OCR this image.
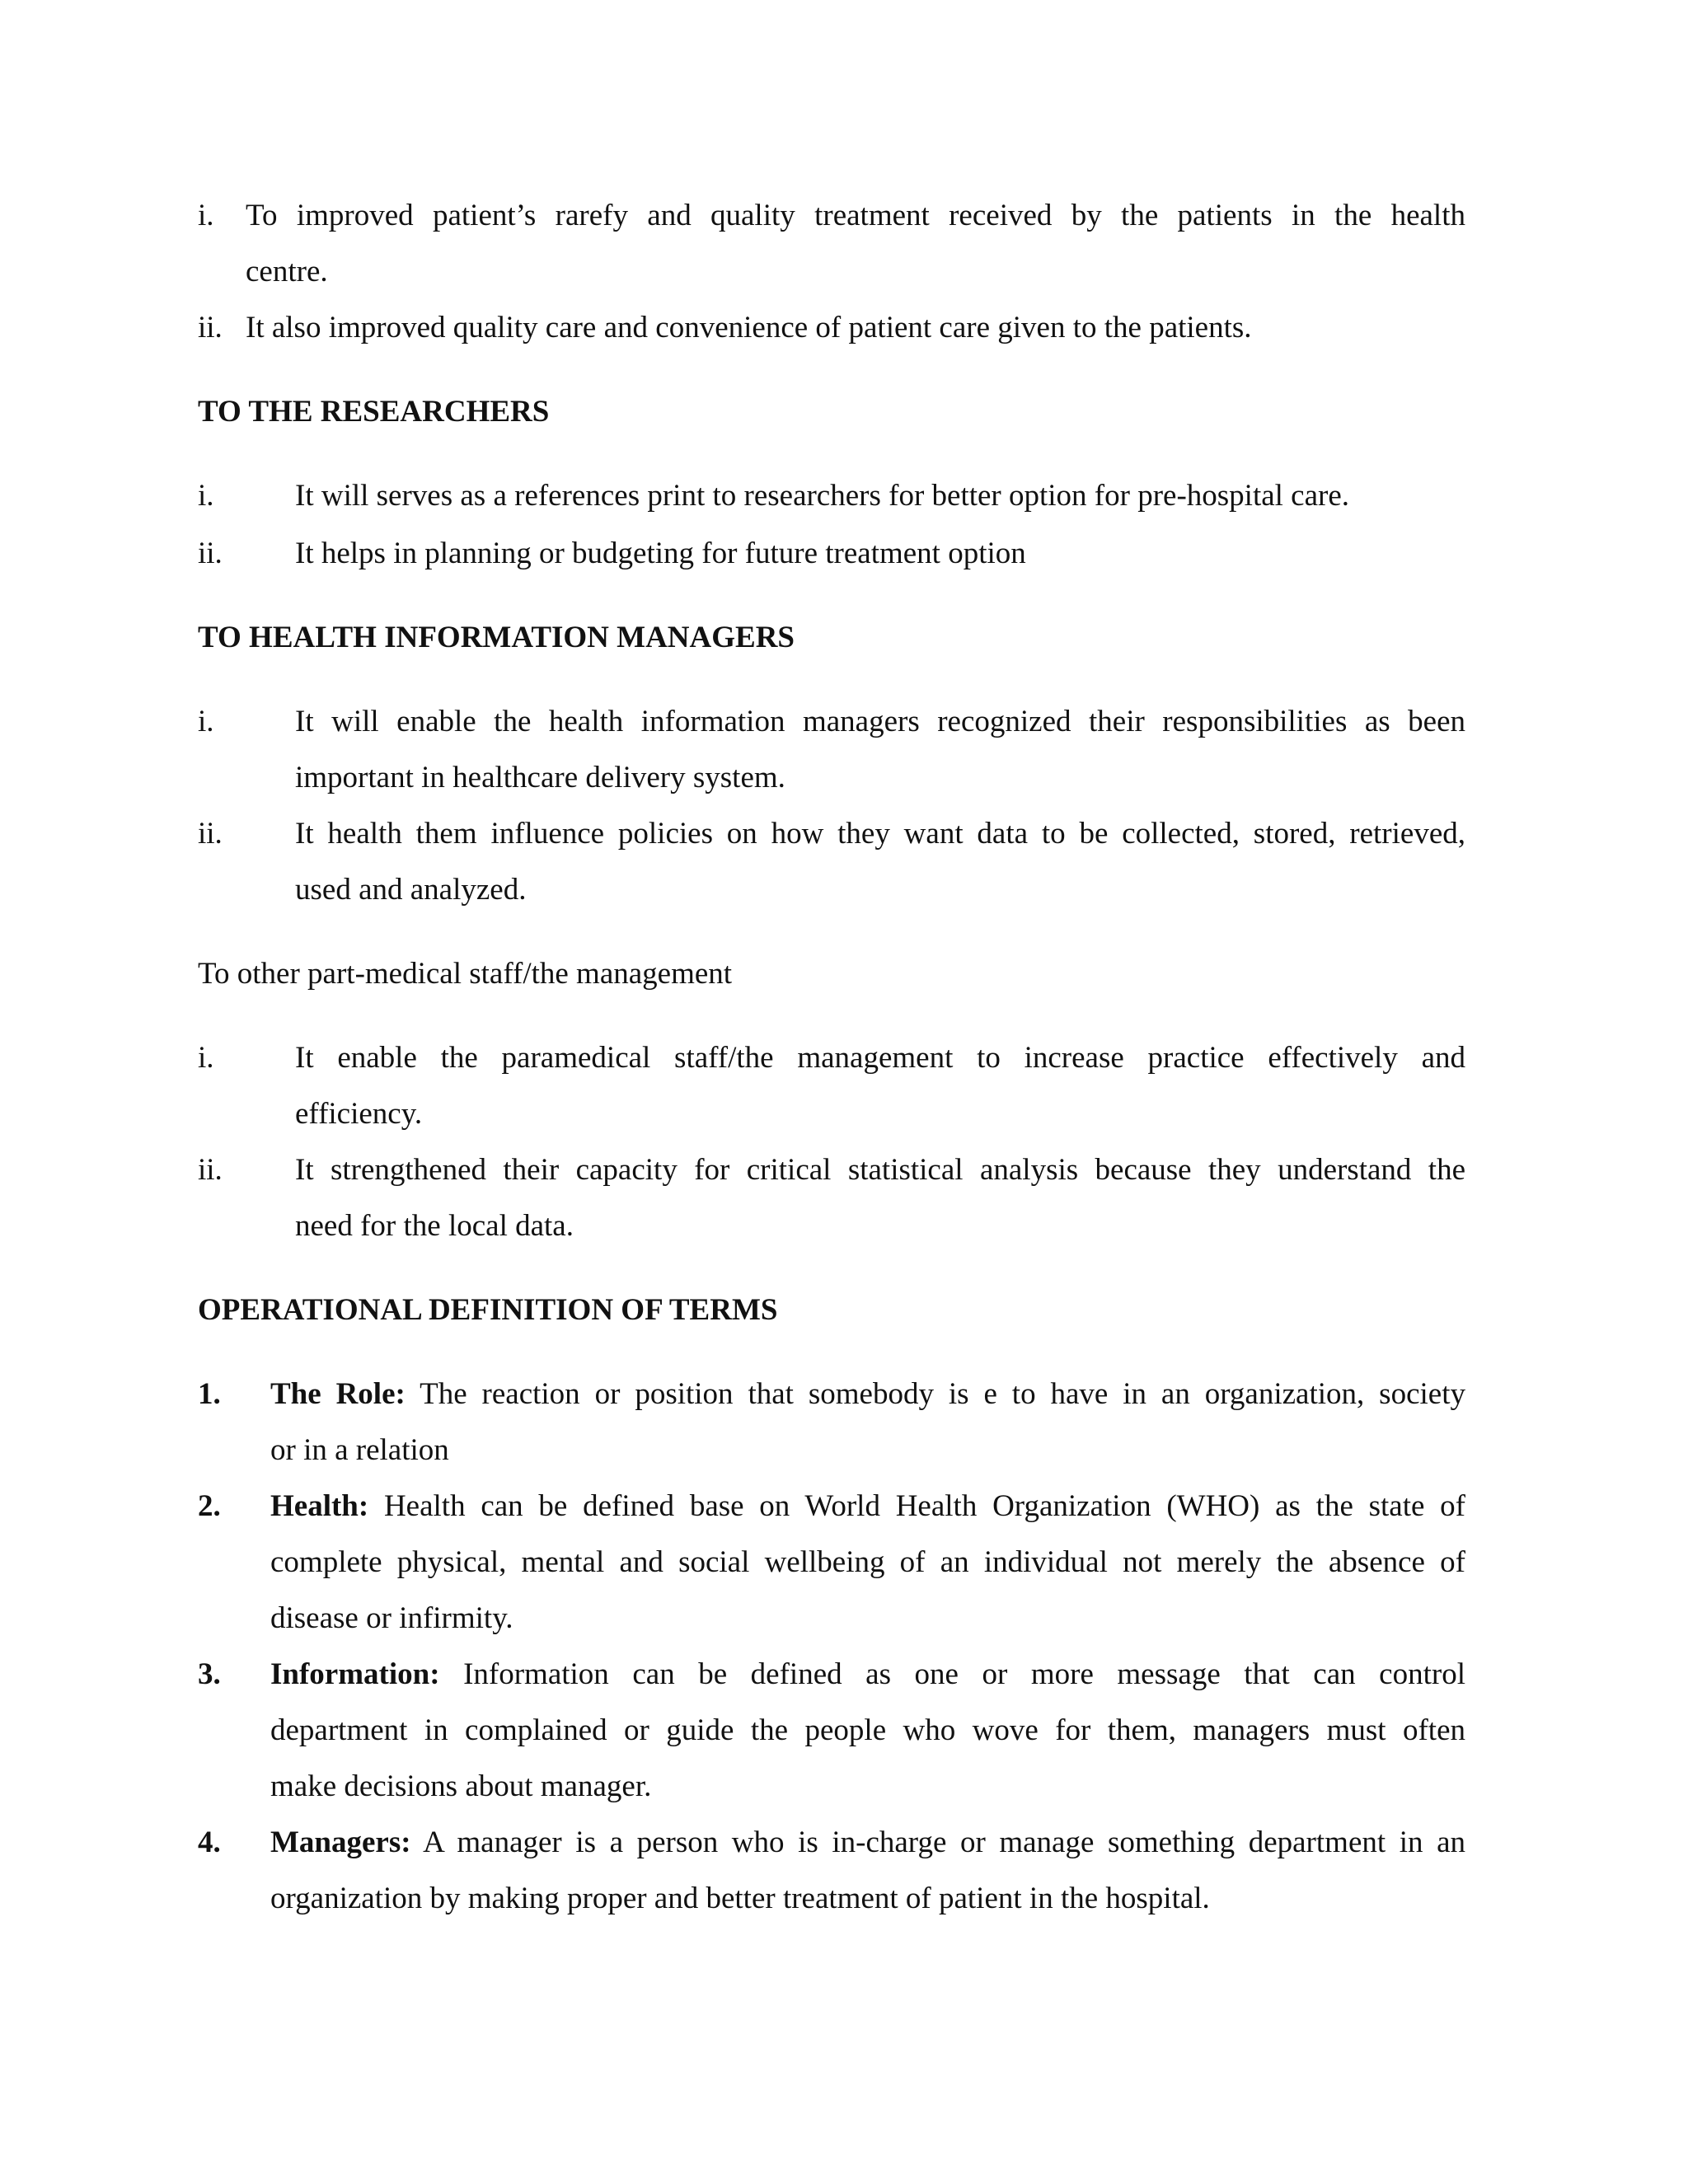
i. To improved patient’s rarefy and quality treatment received by the patients in the health
centre.
ii. It also improved quality care and convenience of patient care given to the patients.
TO THE RESEARCHERS
i.	It will serves as a references print to researchers for better option for pre-hospital care.
ii. It helps in planning or budgeting for future treatment option
TO HEALTH INFORMATION MANAGERS
i.	It will enable the health information managers recognized their responsibilities as been
important in healthcare delivery system.
ii. It health them influence policies on how they want data to be collected, stored, retrieved,
used and analyzed.
To other part-medical staff/the management
i.	It enable the paramedical staff/the management to increase practice effectively and
efficiency.
ii. It strengthened their capacity for critical statistical analysis because they understand the
need for the local data.
OPERATIONAL DEFINITION OF TERMS
1. The Role: The reaction or position that somebody is e to have in an organization, society
or in a relation
2. Health: Health can be defined base on World Health Organization (WHO) as the state of
complete physical, mental and social wellbeing of an individual not merely the absence of
disease or infirmity.
3. Information: Information can be defined as one or more message that can control
department in complained or guide the people who wove for them, managers must often
make decisions about manager.
4. Managers: A manager is a person who is in-charge or manage something department in an
organization by making proper and better treatment of patient in the hospital.
